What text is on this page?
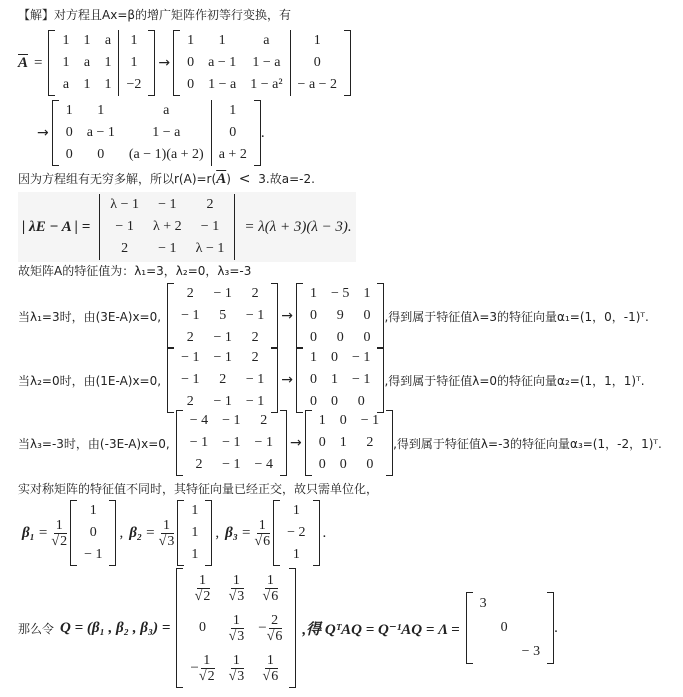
【解】对方程且Ax=β的增广矩阵作初等行变换，有
$\overline{A}$ =
1	1	a	1
1	a	1	1
a	1	1	−2
→
1	1	a	1
0	a − 1	1 − a	0
0	1 − a	1 − a²	− a − 2
→
1	1	a	1
0	a − 1	1 − a	0
0	0	(a − 1)(a + 2)	a + 2
.
因为方程组有无穷多解，所以$r(A)=r(\overline{A}) < 3$.故a=-2.
| λE − A | =
λ − 1	− 1	2
− 1	λ + 2	− 1
2	− 1	λ − 1
= λ(λ + 3)(λ − 3).
故矩阵A的特征值为：λ₁=3，λ₂=0，λ₃=-3
当λ₁=3时，由(3E-A)x=0,
2	− 1	2
− 1	5	− 1
2	− 1	2
→
1	− 5	1
0	9	0
0	0	0
,得到属于特征值λ=3的特征向量α₁=(1，0，-1)ᵀ.
当λ₂=0时，由(1E-A)x=0,
− 1	− 1	2
− 1	2	− 1
2	− 1	− 1
→
1	0	− 1
0	1	− 1
0	0	0
,得到属于特征值λ=0的特征向量α₂=(1，1，1)ᵀ.
当λ₃=-3时，由(-3E-A)x=0,
− 4	− 1	2
− 1	− 1	− 1
2	− 1	− 4
→
1	0	− 1
0	1	2
0	0	0
,得到属于特征值λ=-3的特征向量α₃=(1，-2，1)ᵀ.
实对称矩阵的特征值不同时，其特征向量已经正交，故只需单位化，
$\beta_1 = \frac{1}{√2}$
1
0
− 1
, $\beta_2 = \frac{1}{√3}$
1
1
1
, $\beta_3 = \frac{1}{√6}$
1
− 2
1
.
那么令 Q = (β₁ , β₂ , β₃) =
$\frac{1}{√2}$	$\frac{1}{√3}$	$\frac{1}{√6}$

0	$\frac{1}{√3}$	− $\frac{2}{√6}$

− $\frac{1}{√2}$	$\frac{1}{√3}$	$\frac{1}{√6}$
,得 QᵀAQ = Q⁻¹AQ = Λ =
3		
	0	
		− 3
.
